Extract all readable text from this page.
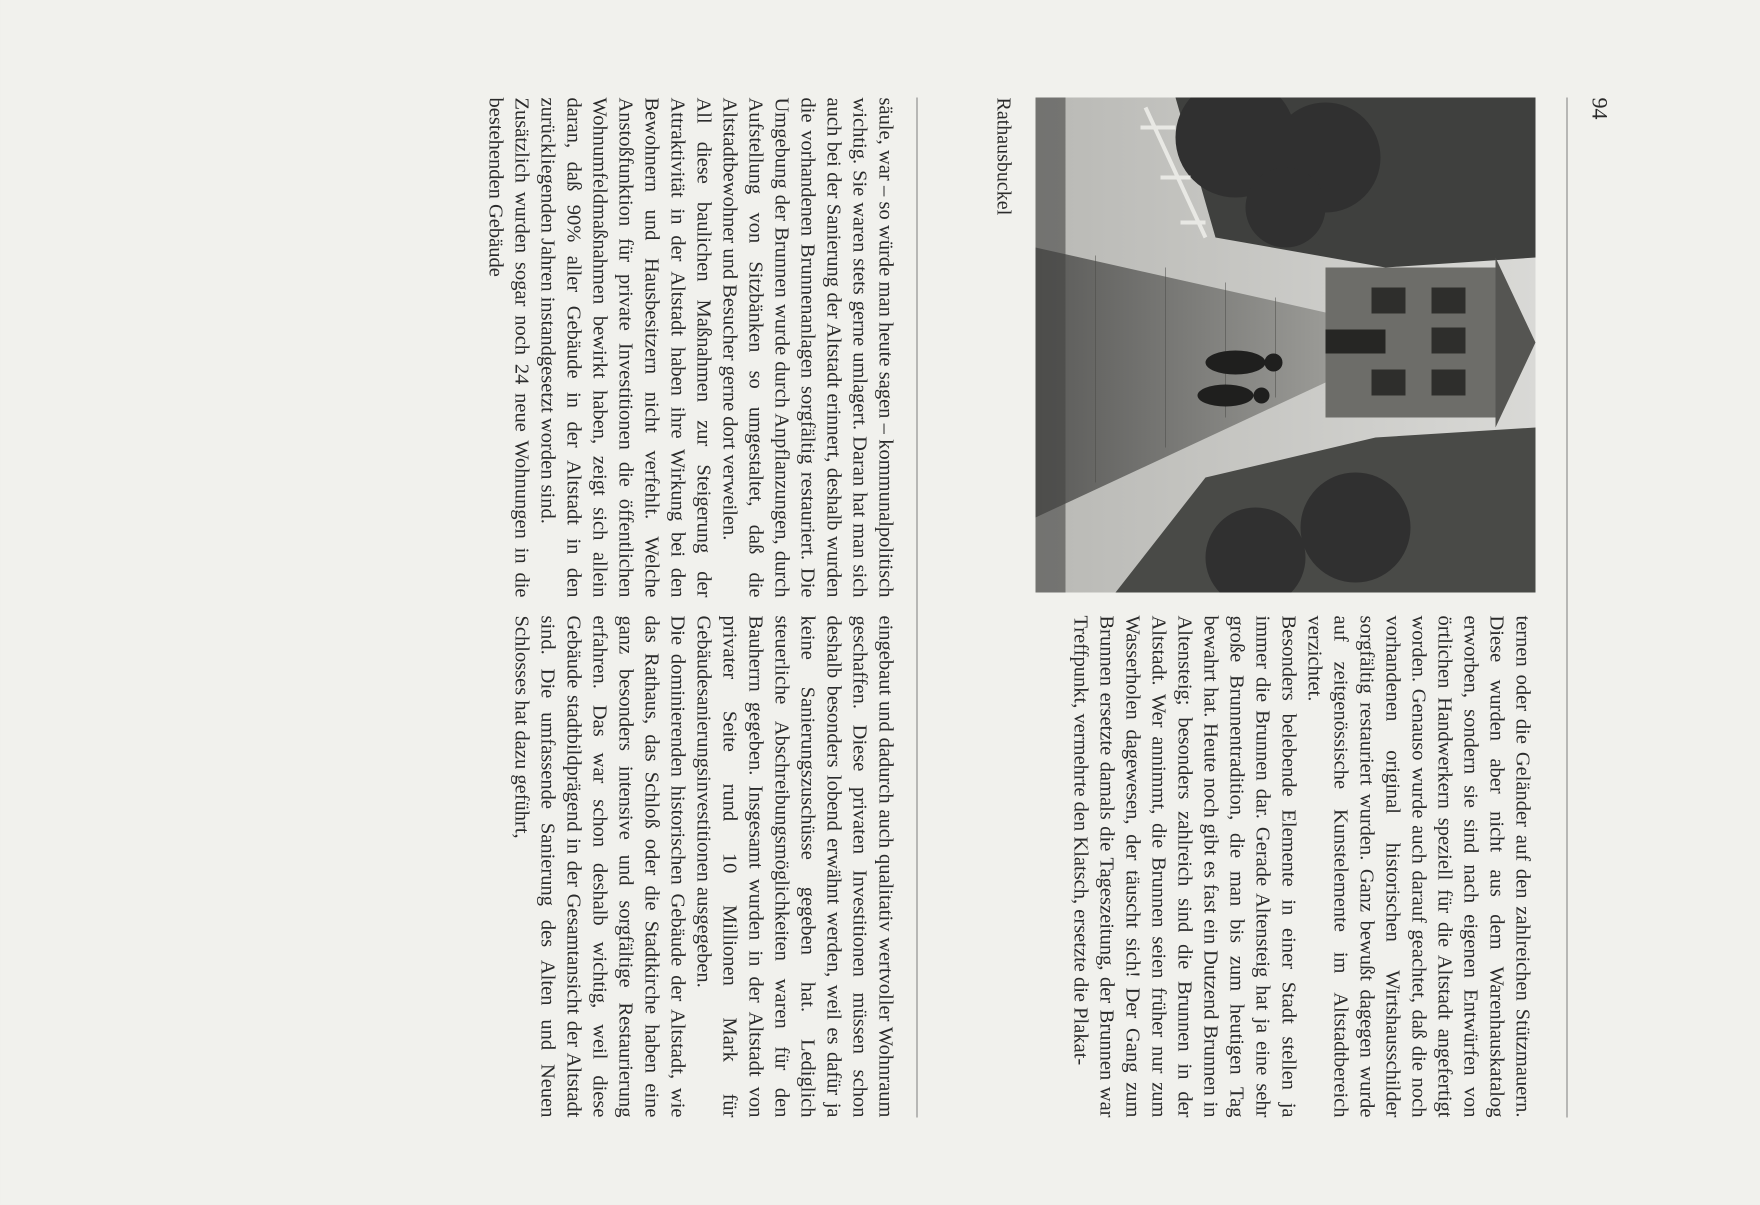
94
Rathausbuckel

ternen oder die Geländer auf den zahlreichen Stützmauern. Diese wurden aber nicht aus dem Warenhauskatalog erworben, sondern sie sind nach eigenen Entwürfen von örtlichen Handwerkern speziell für die Altstadt angefertigt worden. Genauso wurde auch darauf geachtet, daß die noch vorhandenen original historischen Wirtshausschilder sorgfältig restauriert wurden. Ganz bewußt dagegen wurde auf zeitgenössische Kunstelemente im Altstadtbereich verzichtet.

Besonders belebende Elemente in einer Stadt stellen ja immer die Brunnen dar. Gerade Altensteig hat ja eine sehr große Brunnentradition, die man bis zum heutigen Tag bewahrt hat. Heute noch gibt es fast ein Dutzend Brunnen in Altensteig; besonders zahlreich sind die Brunnen in der Altstadt. Wer annimmt, die Brunnen seien früher nur zum Wasserholen dagewesen, der täuscht sich! Der Gang zum Brunnen ersetzte damals die Tageszeitung, der Brunnen war Treffpunkt, vermehrte den Klatsch, ersetzte die Plakat-

säule, war – so würde man heute sagen – kommunalpolitisch wichtig. Sie waren stets gerne umlagert. Daran hat man sich auch bei der Sanierung der Altstadt erinnert, deshalb wurden die vorhandenen Brunnenanlagen sorgfältig restauriert. Die Umgebung der Brunnen wurde durch Anpflanzungen, durch Aufstellung von Sitzbänken so umgestaltet, daß die Altstadtbewohner und Besucher gerne dort verweilen.

All diese baulichen Maßnahmen zur Steigerung der Attraktivität in der Altstadt haben ihre Wirkung bei den Bewohnern und Hausbesitzern nicht verfehlt. Welche Anstoßfunktion für private Investitionen die öffentlichen Wohnumfeldmaßnahmen bewirkt haben, zeigt sich allein daran, daß 90% aller Gebäude in der Altstadt in den zurückliegenden Jahren instandgesetzt worden sind.

Zusätzlich wurden sogar noch 24 neue Wohnungen in die bestehenden Gebäude

eingebaut und dadurch auch qualitativ wertvoller Wohnraum geschaffen. Diese privaten Investitionen müssen schon deshalb besonders lobend erwähnt werden, weil es dafür ja keine Sanierungszuschüsse gegeben hat. Lediglich steuerliche Abschreibungsmöglichkeiten waren für den Bauherrn gegeben. Insgesamt wurden in der Altstadt von privater Seite rund 10 Millionen Mark für Gebäudesanierungsinvestitionen ausgegeben.

Die dominierenden historischen Gebäude der Altstadt, wie das Rathaus, das Schloß oder die Stadtkirche haben eine ganz besonders intensive und sorgfältige Restaurierung erfahren. Das war schon deshalb wichtig, weil diese Gebäude stadtbildprägend in der Gesamtansicht der Altstadt sind. Die umfassende Sanierung des Alten und Neuen Schlosses hat dazu geführt,
